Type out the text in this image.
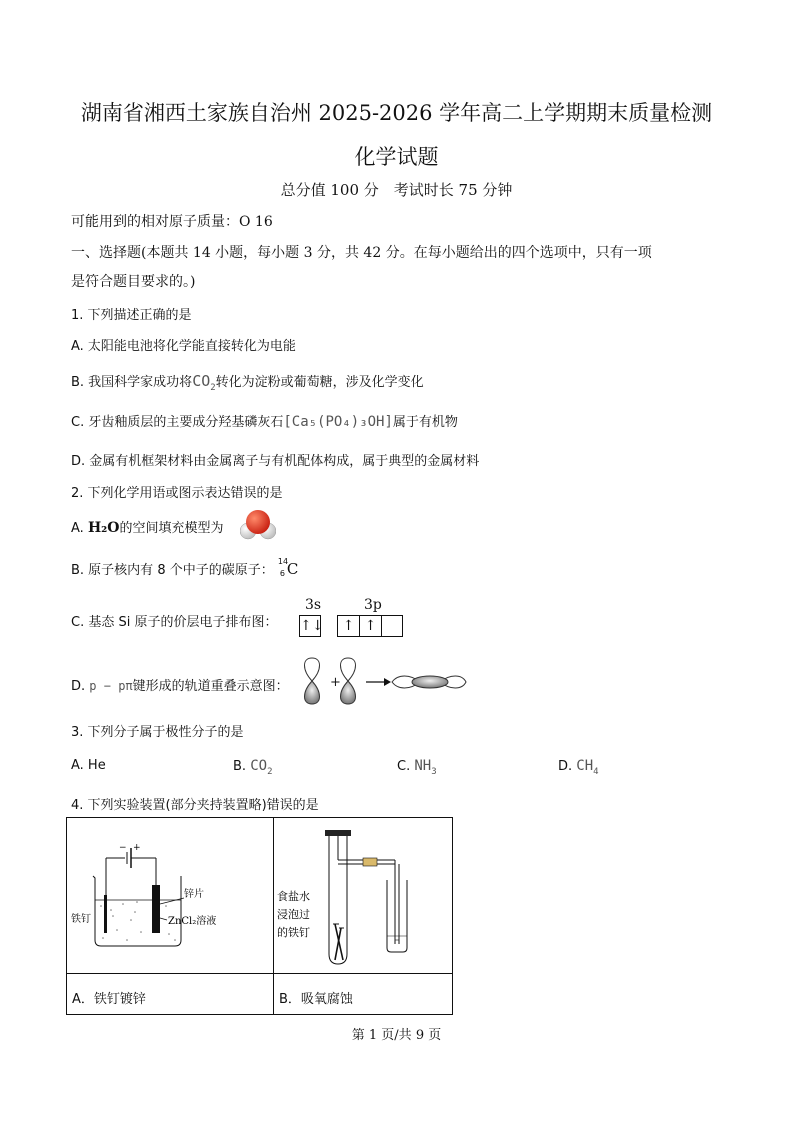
湖南省湘西土家族自治州 2025-2026 学年高二上学期期末质量检测
化学试题
总分值 100 分　考试时长 75 分钟
可能用到的相对原子质量：O 16
一、选择题(本题共 14 小题，每小题 3 分，共 42 分。在每小题给出的四个选项中，只有一项
是符合题目要求的。)
1. 下列描述正确的是
A. 太阳能电池将化学能直接转化为电能
B. 我国科学家成功将$CO_2$转化为淀粉或葡萄糖，涉及化学变化
C. 牙齿釉质层的主要成分羟基磷灰石[Ca₅(PO₄)₃OH]属于有机物
D. 金属有机框架材料由金属离子与有机配体构成，属于典型的金属材料
2. 下列化学用语或图示表达错误的是
A. H₂O的空间填充模型为
B. 原子核内有 8 个中子的碳原子：
14
6 C
C. 基态 Si 原子的价层电子排布图：
3s	3p
↑↓	↑ ↑
D. p − pπ键形成的轨道重叠示意图：	+
3. 下列分子属于极性分子的是
A. He	B. $CO_2$	C. $NH_3$	D. $CH_4$
4. 下列实验装置(部分夹持装置略)错误的是
− +
锌片
铁钉	ZnCl₂溶液
食盐水
浸泡过
的铁钉
A．铁钉镀锌	B．吸氧腐蚀
第 1 页/共 9 页
